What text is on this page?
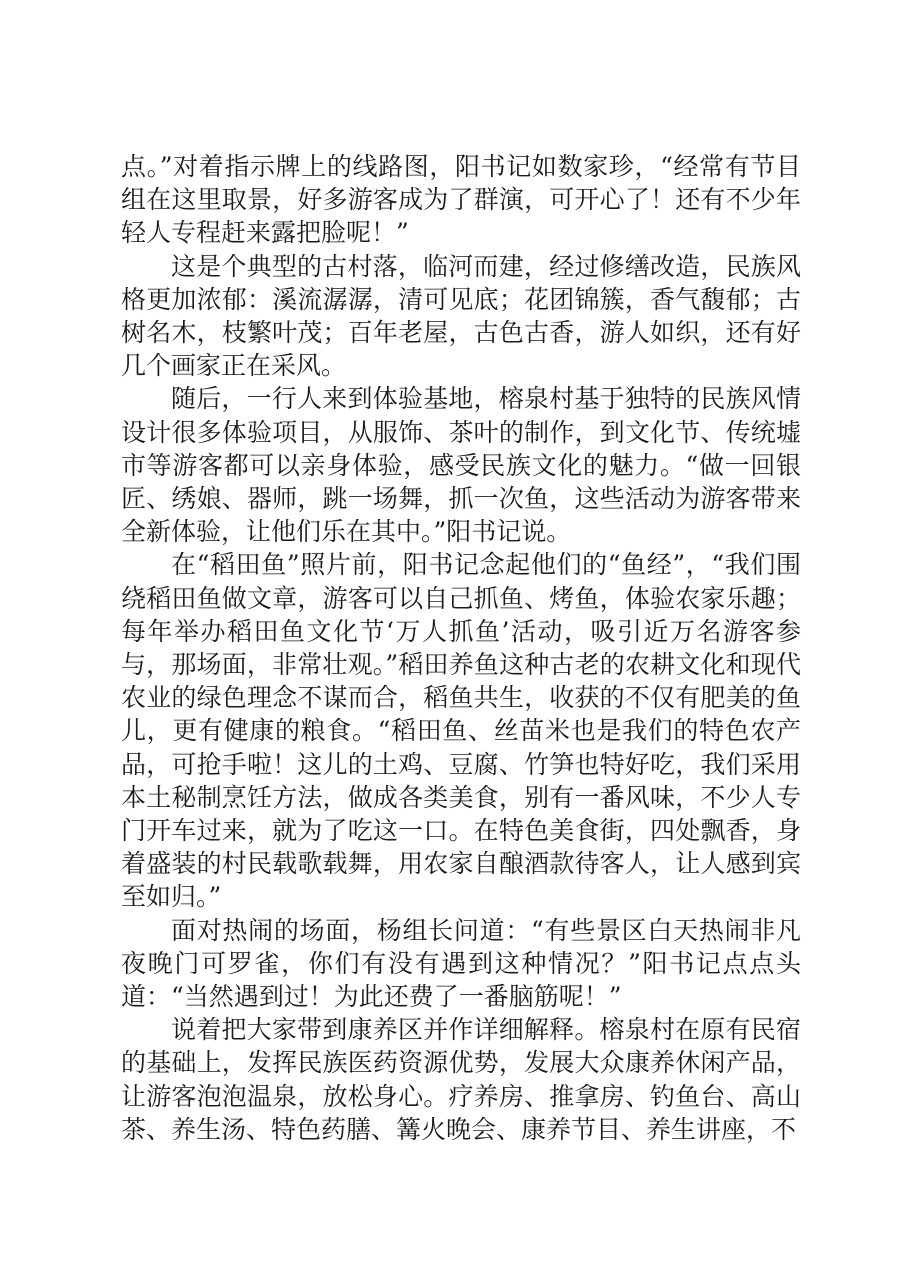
点。”对着指示牌上的线路图，阳书记如数家珍，“经常有节目组在这里取景，好多游客成为了群演，可开心了！还有不少年轻人专程赶来露把脸呢！”

这是个典型的古村落，临河而建，经过修缮改造，民族风格更加浓郁：溪流潺潺，清可见底；花团锦簇，香气馥郁；古树名木，枝繁叶茂；百年老屋，古色古香，游人如织，还有好几个画家正在采风。

随后，一行人来到体验基地，榕泉村基于独特的民族风情设计很多体验项目，从服饰、茶叶的制作，到文化节、传统墟市等游客都可以亲身体验，感受民族文化的魅力。“做一回银匠、绣娘、器师，跳一场舞，抓一次鱼，这些活动为游客带来全新体验，让他们乐在其中。”阳书记说。

在“稻田鱼”照片前，阳书记念起他们的“鱼经”，“我们围绕稻田鱼做文章，游客可以自己抓鱼、烤鱼，体验农家乐趣；每年举办稻田鱼文化节‘万人抓鱼’活动，吸引近万名游客参与，那场面，非常壮观。”稻田养鱼这种古老的农耕文化和现代农业的绿色理念不谋而合，稻鱼共生，收获的不仅有肥美的鱼儿，更有健康的粮食。“稻田鱼、丝苗米也是我们的特色农产品，可抢手啦！这儿的土鸡、豆腐、竹笋也特好吃，我们采用本土秘制烹饪方法，做成各类美食，别有一番风味，不少人专门开车过来，就为了吃这一口。在特色美食街，四处飘香，身着盛装的村民载歌载舞，用农家自酿酒款待客人，让人感到宾至如归。”

面对热闹的场面，杨组长问道：“有些景区白天热闹非凡夜晚门可罗雀，你们有没有遇到这种情况？”阳书记点点头道：“当然遇到过！为此还费了一番脑筋呢！”

说着把大家带到康养区并作详细解释。榕泉村在原有民宿的基础上，发挥民族医药资源优势，发展大众康养休闲产品，让游客泡泡温泉，放松身心。疗养房、推拿房、钓鱼台、高山茶、养生汤、特色药膳、篝火晚会、康养节目、养生讲座，不
